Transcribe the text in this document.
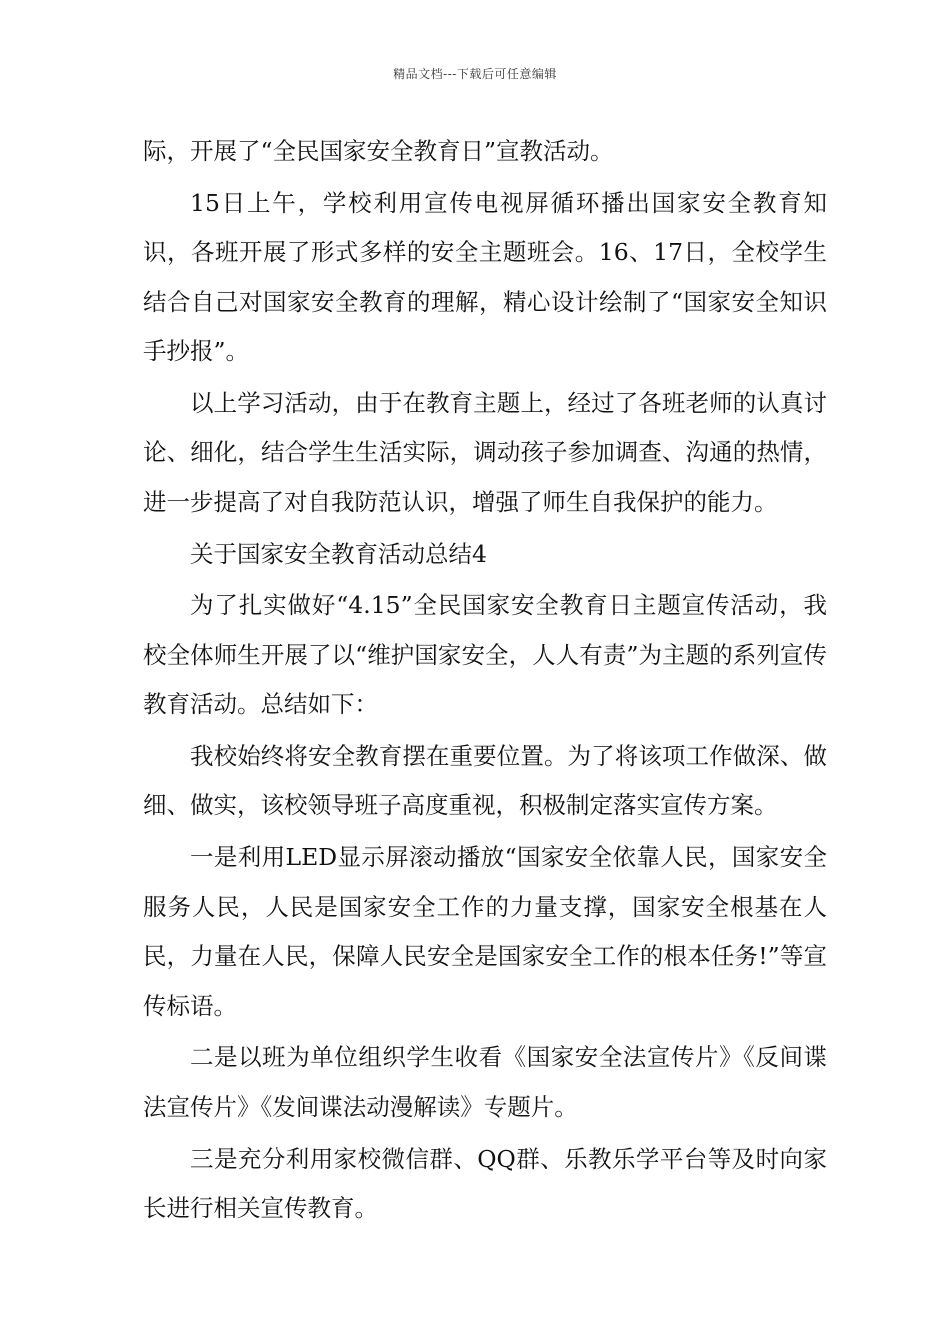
精品文档---下载后可任意编辑

际，开展了“全民国家安全教育日”宣教活动。

15日上午，学校利用宣传电视屏循环播出国家安全教育知识，各班开展了形式多样的安全主题班会。16、17日，全校学生结合自己对国家安全教育的理解，精心设计绘制了“国家安全知识手抄报”。

以上学习活动，由于在教育主题上，经过了各班老师的认真讨论、细化，结合学生生活实际，调动孩子参加调查、沟通的热情，进一步提高了对自我防范认识，增强了师生自我保护的能力。

关于国家安全教育活动总结4

为了扎实做好“4.15”全民国家安全教育日主题宣传活动，我校全体师生开展了以“维护国家安全，人人有责”为主题的系列宣传教育活动。总结如下：

我校始终将安全教育摆在重要位置。为了将该项工作做深、做细、做实，该校领导班子高度重视，积极制定落实宣传方案。

一是利用LED显示屏滚动播放“国家安全依靠人民，国家安全服务人民，人民是国家安全工作的力量支撑，国家安全根基在人民，力量在人民，保障人民安全是国家安全工作的根本任务!”等宣传标语。

二是以班为单位组织学生收看《国家安全法宣传片》《反间谍法宣传片》《发间谍法动漫解读》专题片。

三是充分利用家校微信群、QQ群、乐教乐学平台等及时向家长进行相关宣传教育。
